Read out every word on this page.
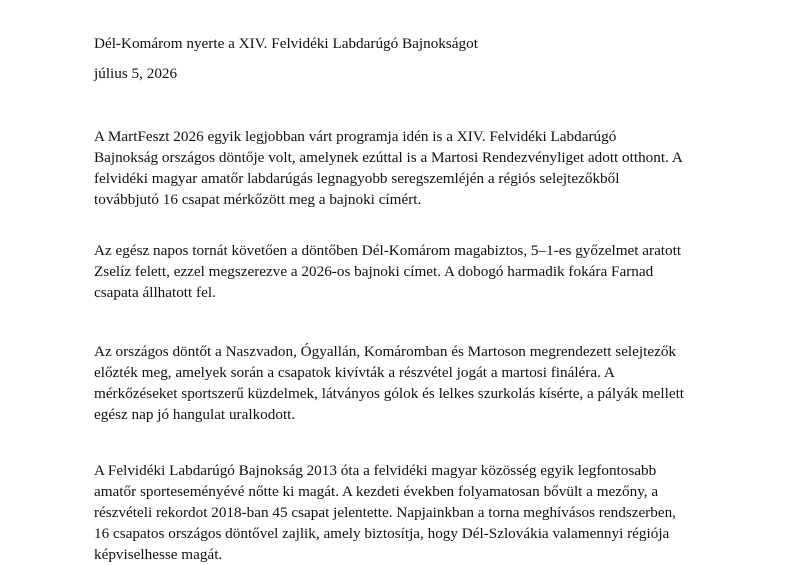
Dél-Komárom nyerte a XIV. Felvidéki Labdarúgó Bajnokságot

július 5, 2026

A MartFeszt 2026 egyik legjobban várt programja idén is a XIV. Felvidéki Labdarúgó
Bajnokság országos döntője volt, amelynek ezúttal is a Martosi Rendezvényliget adott otthont. A
felvidéki magyar amatőr labdarúgás legnagyobb seregszemléjén a régiós selejtezőkből
továbbjutó 16 csapat mérkőzött meg a bajnoki címért.

Az egész napos tornát követően a döntőben Dél-Komárom magabiztos, 5–1-es győzelmet aratott
Zselíz felett, ezzel megszerezve a 2026-os bajnoki címet. A dobogó harmadik fokára Farnad
csapata állhatott fel.

Az országos döntőt a Naszvadon, Ógyallán, Komáromban és Martoson megrendezett selejtezők
előzték meg, amelyek során a csapatok kivívták a részvétel jogát a martosi fináléra. A
mérkőzéseket sportszerű küzdelmek, látványos gólok és lelkes szurkolás kísérte, a pályák mellett
egész nap jó hangulat uralkodott.

A Felvidéki Labdarúgó Bajnokság 2013 óta a felvidéki magyar közösség egyik legfontosabb
amatőr sporteseményévé nőtte ki magát. A kezdeti években folyamatosan bővült a mezőny, a
részvételi rekordot 2018-ban 45 csapat jelentette. Napjainkban a torna meghívásos rendszerben,
16 csapatos országos döntővel zajlik, amely biztosítja, hogy Dél-Szlovákia valamennyi régiója
képviselhesse magát.
